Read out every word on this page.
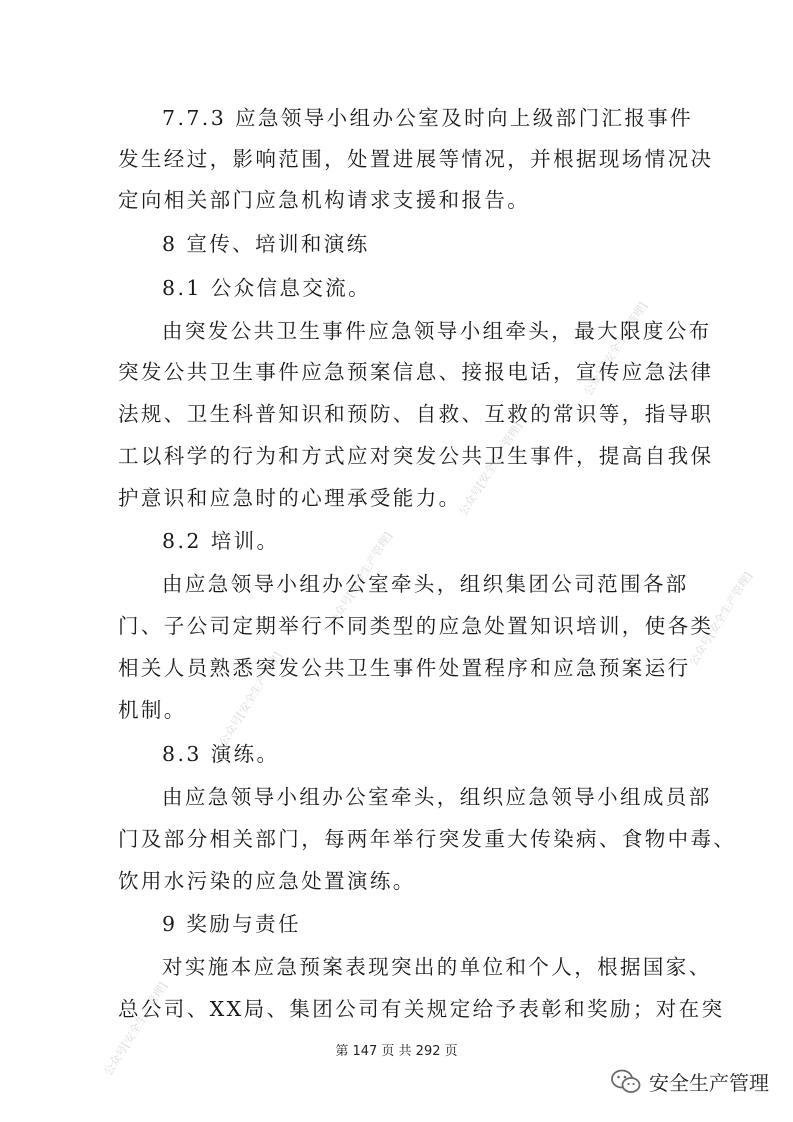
公众号[安全生产管理]
公众号[安全生产管理]
公众号[安全生产管理]
公众号[安全生产管理]
公众号[安全生产管理]
公众号[安全生产管理]
7.7.3 应急领导小组办公室及时向上级部门汇报事件
发生经过，影响范围，处置进展等情况，并根据现场情况决
定向相关部门应急机构请求支援和报告。
8 宣传、培训和演练
8.1 公众信息交流。
由突发公共卫生事件应急领导小组牵头，最大限度公布
突发公共卫生事件应急预案信息、接报电话，宣传应急法律
法规、卫生科普知识和预防、自救、互救的常识等，指导职
工以科学的行为和方式应对突发公共卫生事件，提高自我保
护意识和应急时的心理承受能力。
8.2 培训。
由应急领导小组办公室牵头，组织集团公司范围各部
门、子公司定期举行不同类型的应急处置知识培训，使各类
相关人员熟悉突发公共卫生事件处置程序和应急预案运行
机制。
8.3 演练。
由应急领导小组办公室牵头，组织应急领导小组成员部
门及部分相关部门，每两年举行突发重大传染病、食物中毒、
饮用水污染的应急处置演练。
9 奖励与责任
对实施本应急预案表现突出的单位和个人，根据国家、
总公司、XX局、集团公司有关规定给予表彰和奖励；对在突
第 147 页 共 292 页
安全生产管理
